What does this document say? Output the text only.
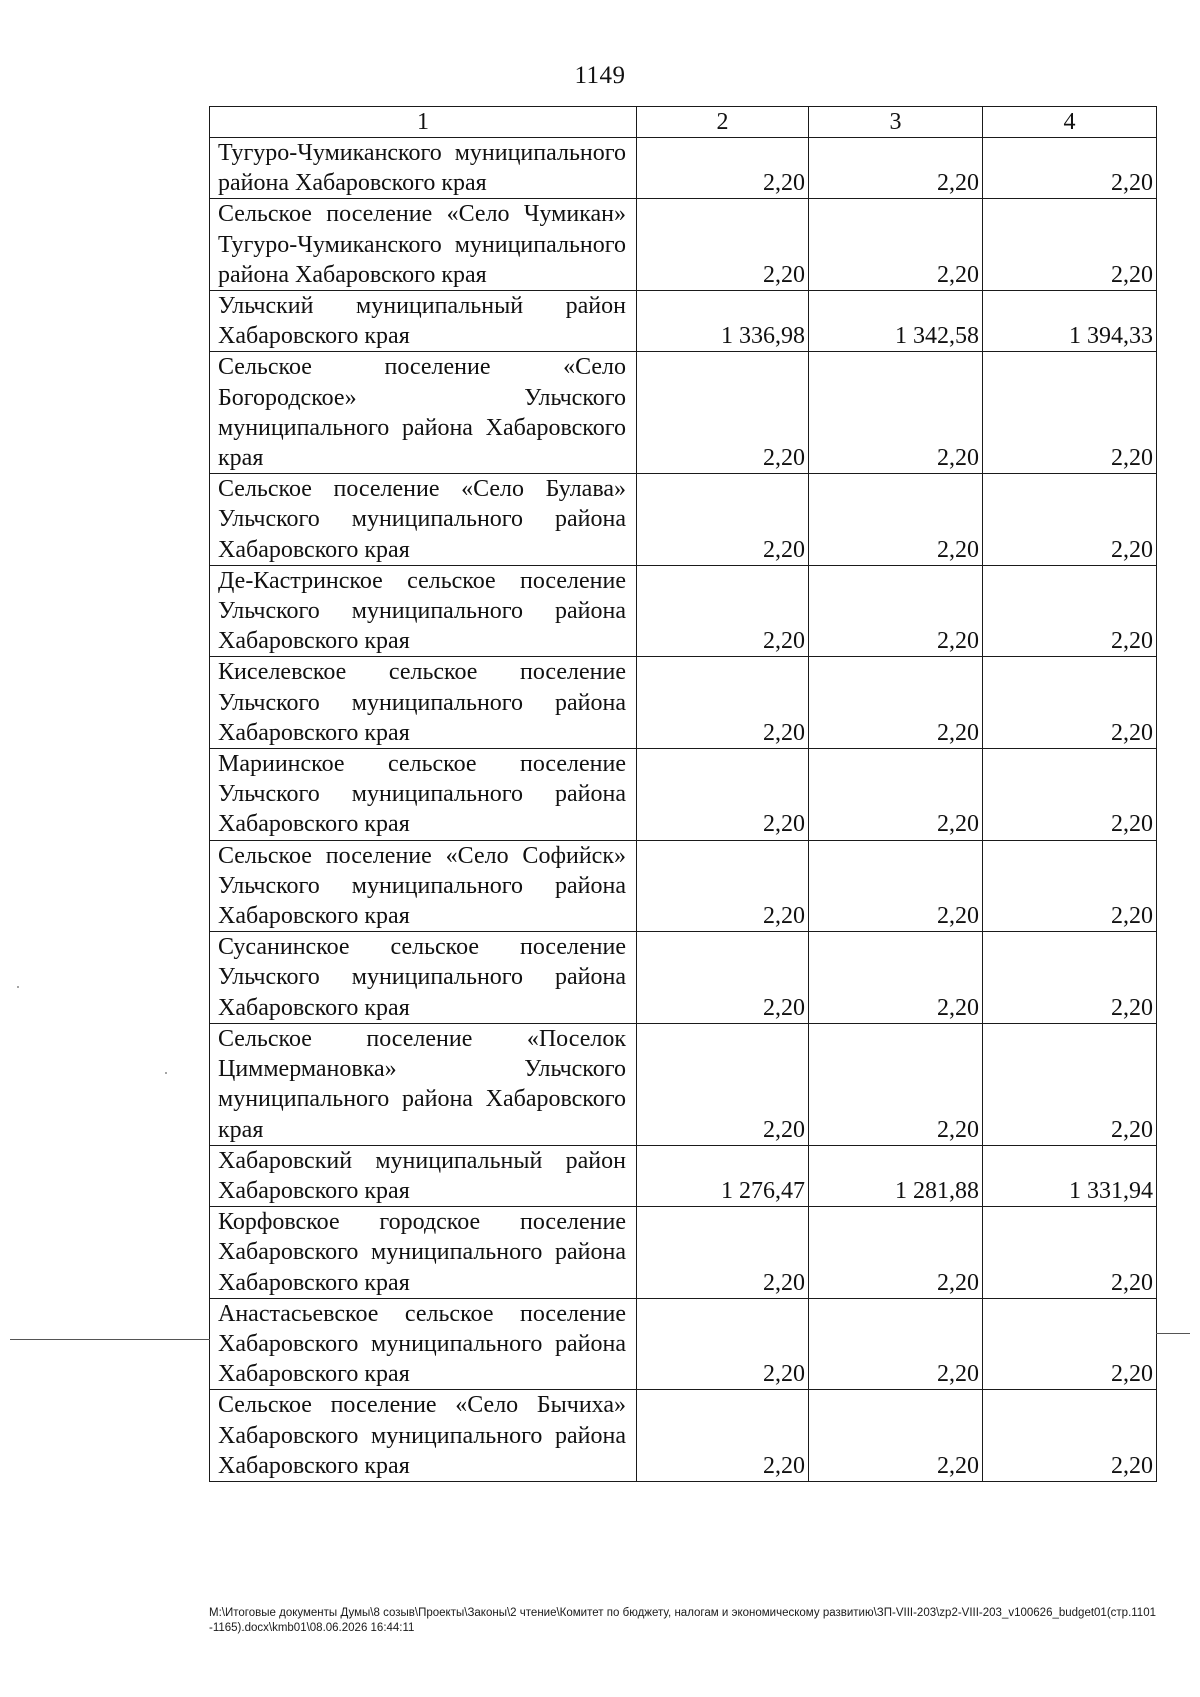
1149
1	2	3	4
Тугуро-Чумиканского муниципального района Хабаровского края	2,20	2,20	2,20
Сельское поселение «Село Чумикан» Тугуро-Чумиканского муниципального района Хабаровского края	2,20	2,20	2,20
Ульчский муниципальный район Хабаровского края	1 336,98	1 342,58	1 394,33
Сельское поселение «Село Богородское» Ульчского муниципального района Хабаровского края	2,20	2,20	2,20
Сельское поселение «Село Булава» Ульчского муниципального района Хабаровского края	2,20	2,20	2,20
Де-Кастринское сельское поселение Ульчского муниципального района Хабаровского края	2,20	2,20	2,20
Киселевское сельское поселение Ульчского муниципального района Хабаровского края	2,20	2,20	2,20
Мариинское сельское поселение Ульчского муниципального района Хабаровского края	2,20	2,20	2,20
Сельское поселение «Село Софийск» Ульчского муниципального района Хабаровского края	2,20	2,20	2,20
Сусанинское сельское поселение Ульчского муниципального района Хабаровского края	2,20	2,20	2,20
Сельское поселение «Поселок Циммермановка» Ульчского муниципального района Хабаровского края	2,20	2,20	2,20
Хабаровский муниципальный район Хабаровского края	1 276,47	1 281,88	1 331,94
Корфовское городское поселение Хабаровского муниципального района Хабаровского края	2,20	2,20	2,20
Анастасьевское сельское поселение Хабаровского муниципального района Хабаровского края	2,20	2,20	2,20
Сельское поселение «Село Бычиха» Хабаровского муниципального района Хабаровского края	2,20	2,20	2,20
M:\Итоговые документы Думы\8 созыв\Проекты\Законы\2 чтение\Комитет по бюджету, налогам и экономическому развитию\ЗП-VIII-203\zp2-VIII-203_v100626_budget01(стр.1101-1165).docx\kmb01\08.06.2026 16:44:11
